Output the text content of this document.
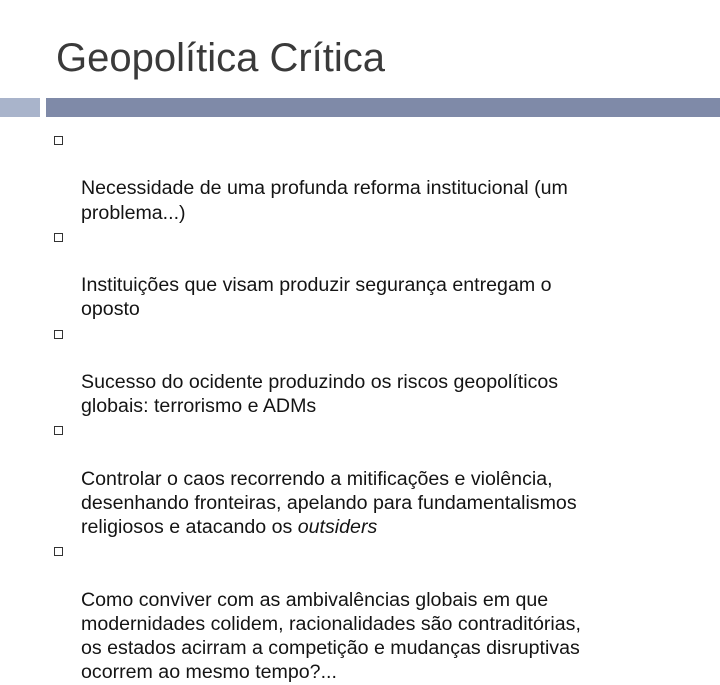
Geopolítica Crítica

Necessidade de uma profunda reforma institucional (um
problema...)

Instituições que visam produzir segurança entregam o
oposto

Sucesso do ocidente produzindo os riscos geopolíticos
globais: terrorismo e ADMs

Controlar o caos recorrendo a mitificações e violência,
desenhando fronteiras, apelando para fundamentalismos
religiosos e atacando os outsiders

Como conviver com as ambivalências globais em que
modernidades colidem, racionalidades são contraditórias,
os estados acirram a competição e mudanças disruptivas
ocorrem ao mesmo tempo?...
